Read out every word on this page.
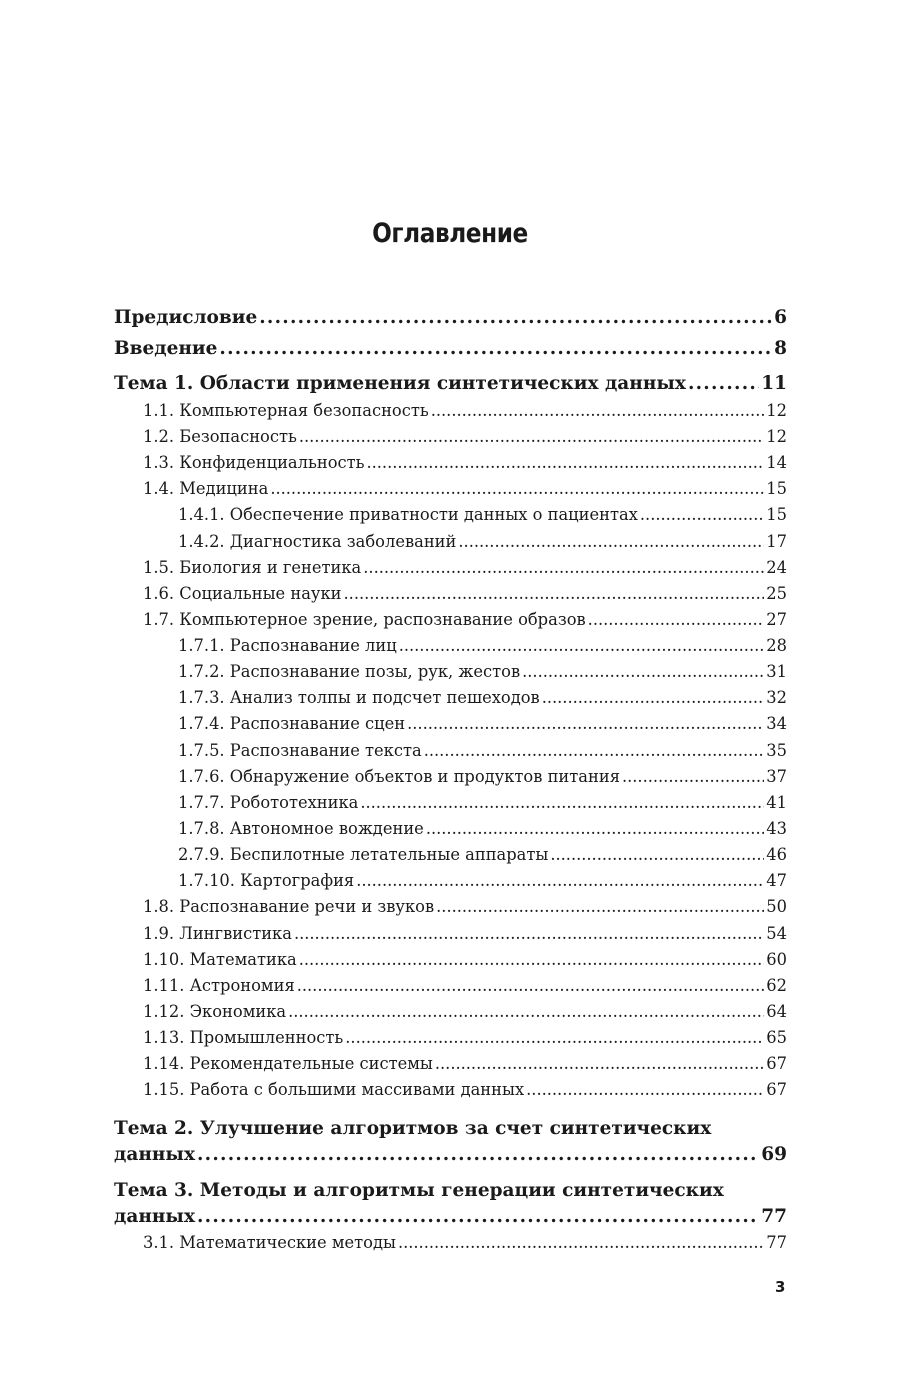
Оглавление
Предисловие . . .	6
Введение . . .	8
Тема 1. Области применения синтетических данных . . .	11
1.1. Компьютерная безопасность . . .	12
1.2. Безопасность . . .	12
1.3. Конфиденциальность . . .	14
1.4. Медицина . . .	15
1.4.1. Обеспечение приватности данных о пациентах . . .	15
1.4.2. Диагностика заболеваний . . .	17
1.5. Биология и генетика . . .	24
1.6. Социальные науки . . .	25
1.7. Компьютерное зрение, распознавание образов . . .	27
1.7.1. Распознавание лиц . . .	28
1.7.2. Распознавание позы, рук, жестов . . .	31
1.7.3. Анализ толпы и подсчет пешеходов . . .	32
1.7.4. Распознавание сцен . . .	34
1.7.5. Распознавание текста . . .	35
1.7.6. Обнаружение объектов и продуктов питания . . .	37
1.7.7. Робототехника . . .	41
1.7.8. Автономное вождение . . .	43
2.7.9. Беспилотные летательные аппараты . . .	46
1.7.10. Картография . . .	47
1.8. Распознавание речи и звуков . . .	50
1.9. Лингвистика . . .	54
1.10. Математика . . .	60
1.11. Астрономия . . .	62
1.12. Экономика . . .	64
1.13. Промышленность . . .	65
1.14. Рекомендательные системы . . .	67
1.15. Работа с большими массивами данных . . .	67
Тема 2. Улучшение алгоритмов за счет синтетических
данных . . .	69
Тема 3. Методы и алгоритмы генерации синтетических
данных . . .	77
3.1. Математические методы . . .	77
3
